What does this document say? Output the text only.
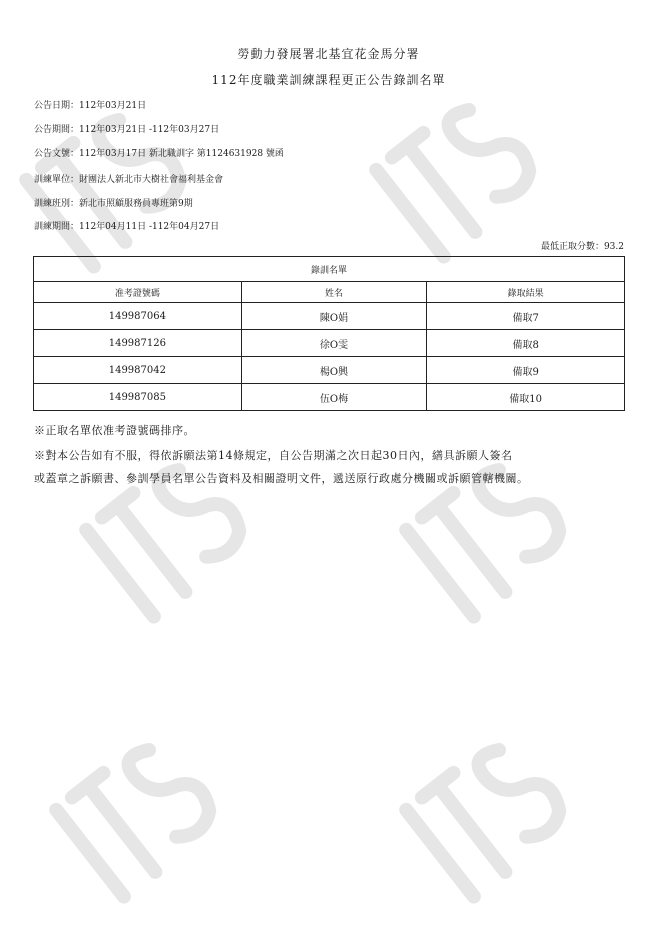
勞動力發展署北基宜花金馬分署
112年度職業訓練課程更正公告錄訓名單
公告日期：112年03月21日
公告期間：112年03月21日 -112年03月27日
公告文號：112年03月17日 新北職訓字 第1124631928 號函
訓練單位：財團法人新北市大樹社會福利基金會
訓練班別：新北市照顧服務員專班第9期
訓練期間：112年04月11日 -112年04月27日
最低正取分數：93.2
錄訓名單		
准考證號碼	姓名	錄取結果
149987064	陳O娟	備取7
149987126	徐O雯	備取8
149987042	楊O興	備取9
149987085	伍O梅	備取10
※正取名單依准考證號碼排序。
※對本公告如有不服，得依訴願法第14條規定，自公告期滿之次日起30日內，繕具訴願人簽名
或蓋章之訴願書、參訓學員名單公告資料及相關證明文件，遞送原行政處分機關或訴願管轄機關。
